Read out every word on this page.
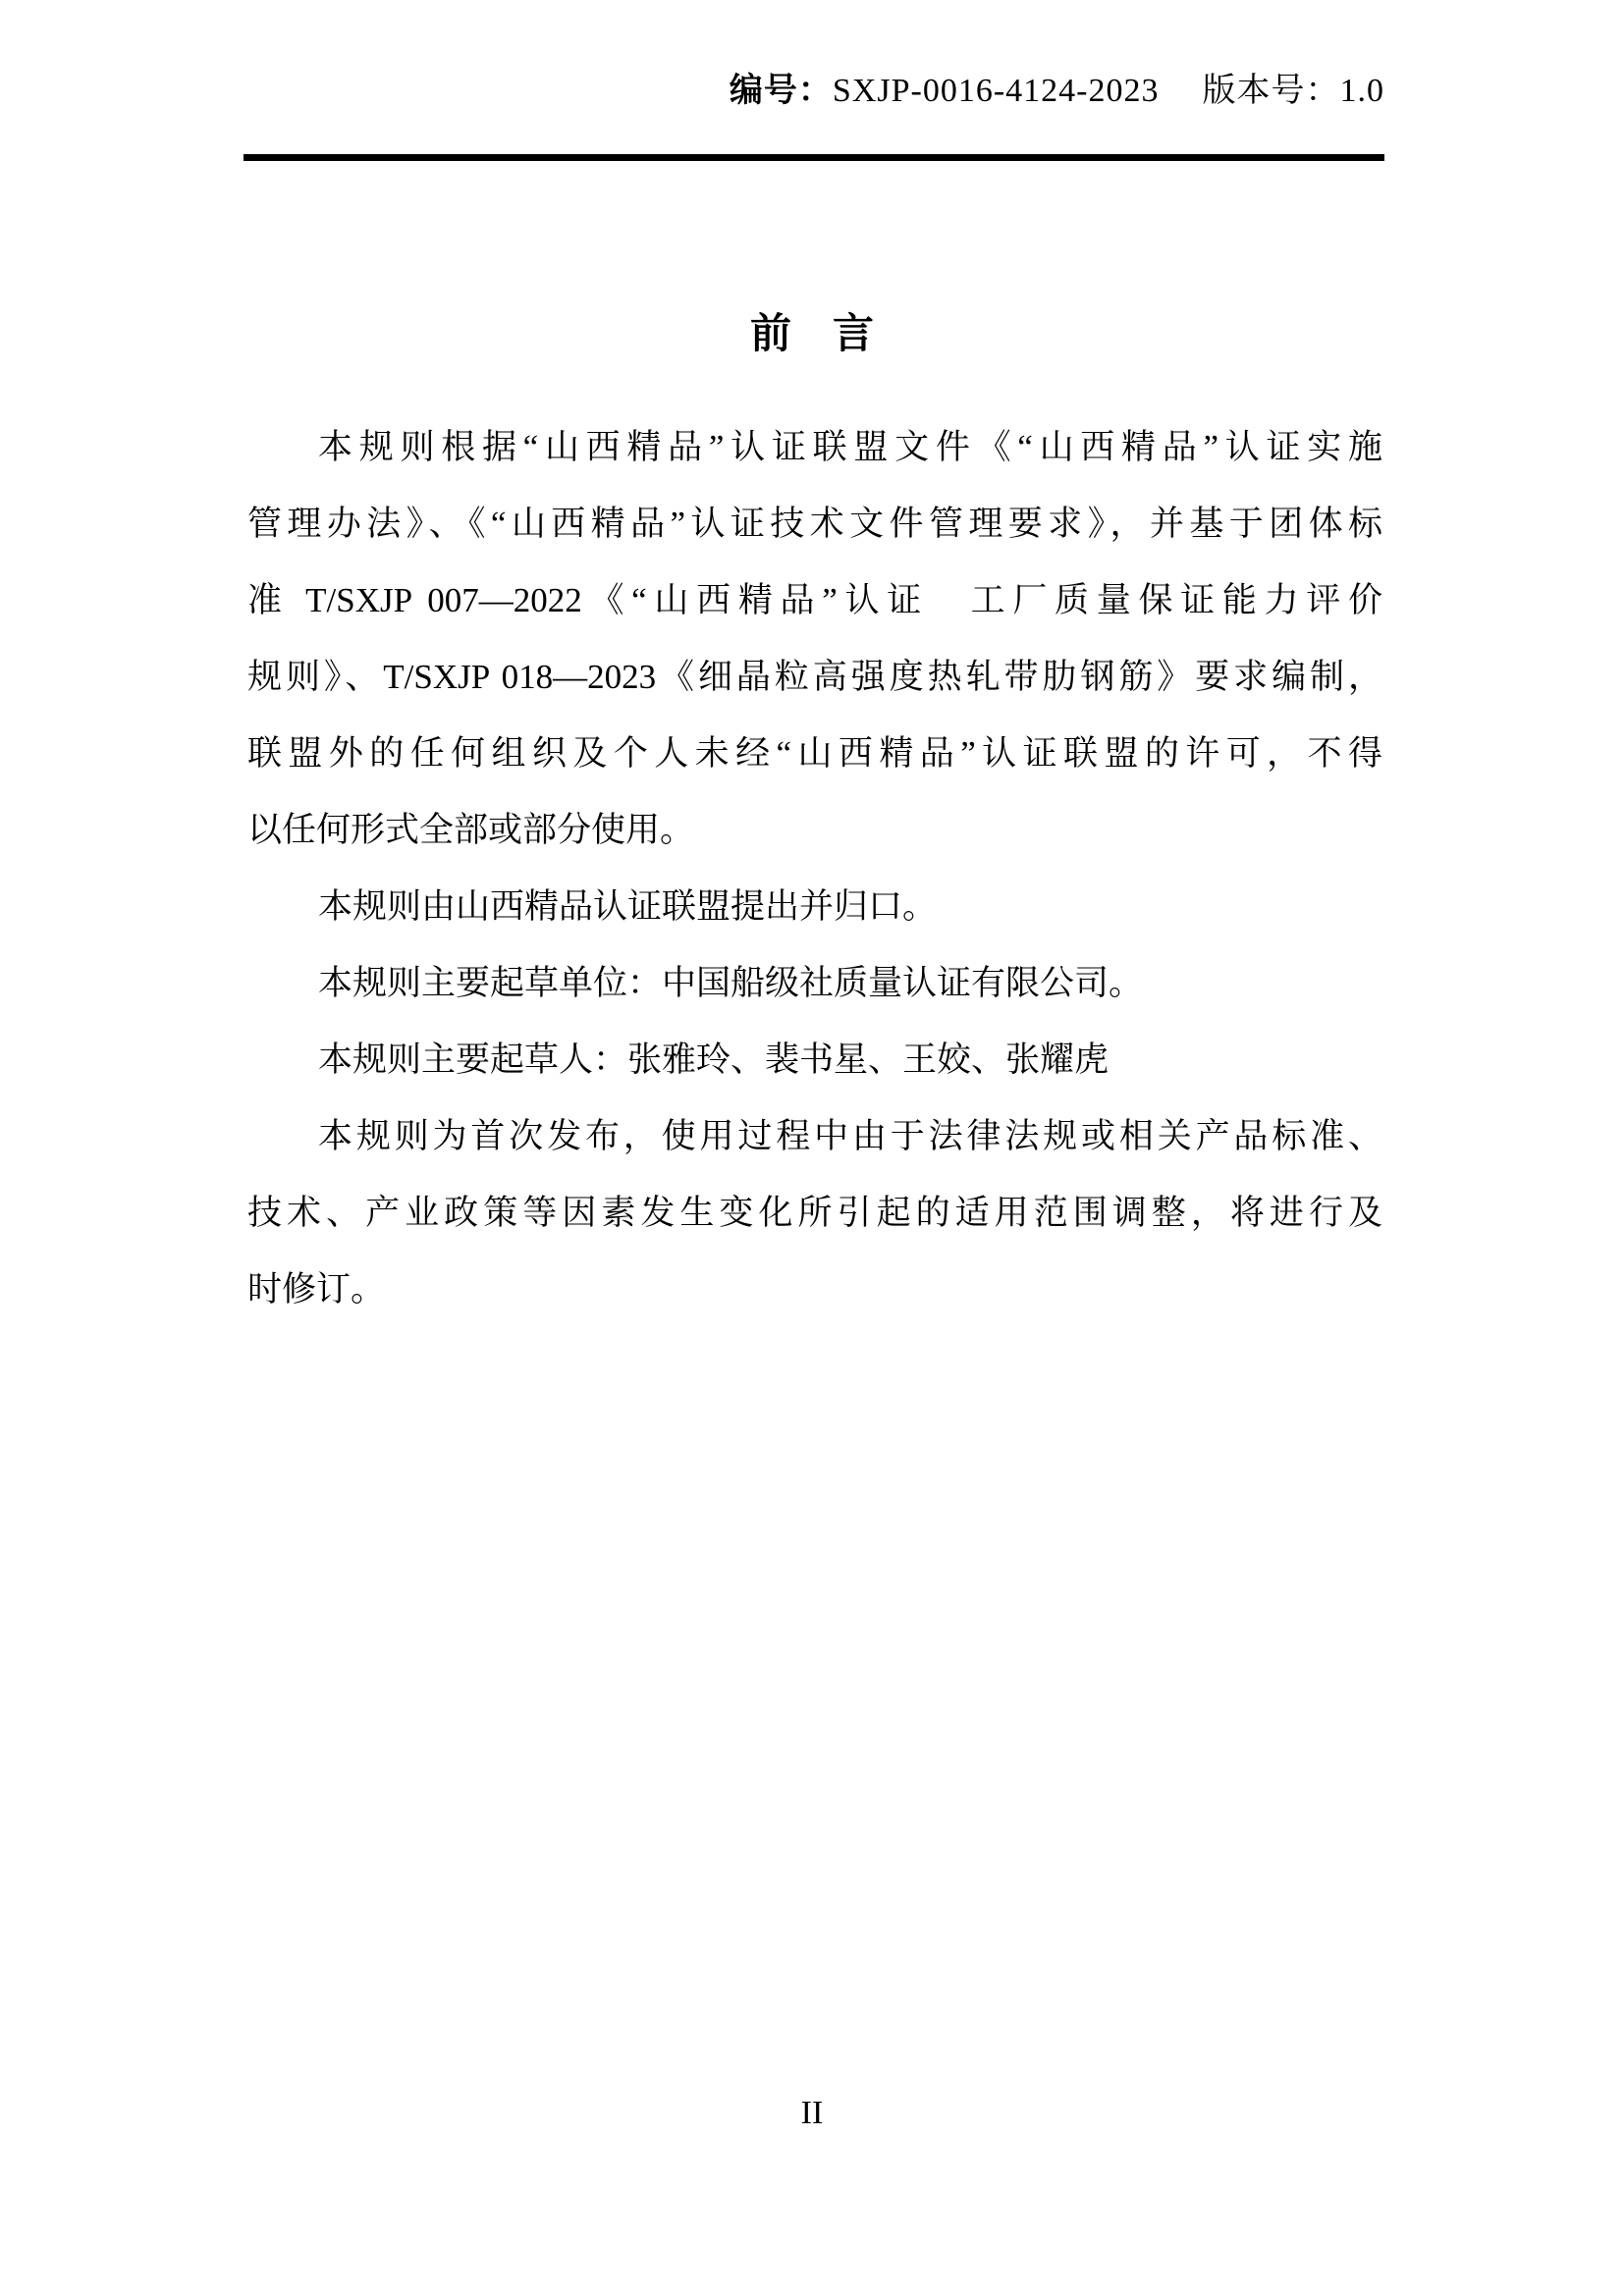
编号：SXJP-0016-4124-2023 版本号：1.0
前　言
本规则根据“山西精品”认证联盟文件《“山西精品”认证实施
管理办法》、《“山西精品”认证技术文件管理要求》，并基于团体标
准 T/SXJP 007—2022《“山西精品”认证　工厂质量保证能力评价
规则》、T/SXJP 018—2023《细晶粒高强度热轧带肋钢筋》要求编制，
联盟外的任何组织及个人未经“山西精品”认证联盟的许可，不得
以任何形式全部或部分使用。
本规则由山西精品认证联盟提出并归口。
本规则主要起草单位：中国船级社质量认证有限公司。
本规则主要起草人：张雅玲、裴书星、王姣、张耀虎
本规则为首次发布，使用过程中由于法律法规或相关产品标准、
技术、产业政策等因素发生变化所引起的适用范围调整，将进行及
时修订。
II
